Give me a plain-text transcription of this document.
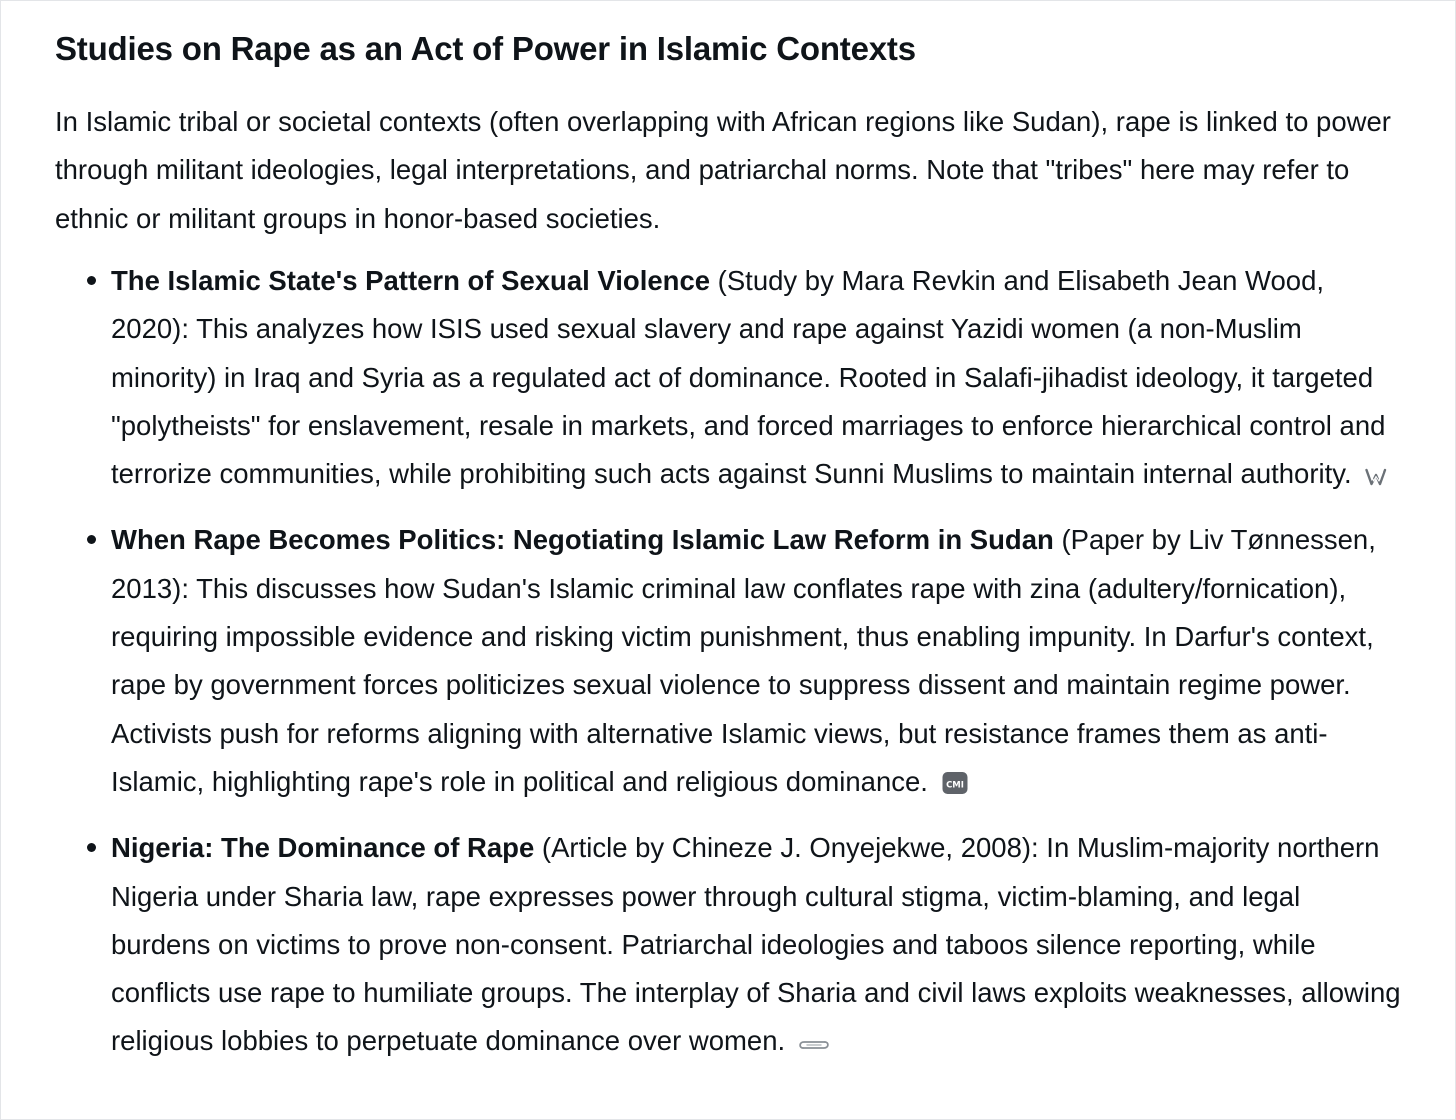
Studies on Rape as an Act of Power in Islamic Contexts

In Islamic tribal or societal contexts (often overlapping with African regions like Sudan), rape is linked to power through militant ideologies, legal interpretations, and patriarchal norms. Note that "tribes" here may refer to ethnic or militant groups in honor-based societies.

The Islamic State's Pattern of Sexual Violence (Study by Mara Revkin and Elisabeth Jean Wood, 2020): This analyzes how ISIS used sexual slavery and rape against Yazidi women (a non-Muslim minority) in Iraq and Syria as a regulated act of dominance. Rooted in Salafi-jihadist ideology, it targeted "polytheists" for enslavement, resale in markets, and forced marriages to enforce hierarchical control and terrorize communities, while prohibiting such acts against Sunni Muslims to maintain internal authority.
When Rape Becomes Politics: Negotiating Islamic Law Reform in Sudan (Paper by Liv Tønnessen, 2013): This discusses how Sudan's Islamic criminal law conflates rape with zina (adultery/fornication), requiring impossible evidence and risking victim punishment, thus enabling impunity. In Darfur's context, rape by government forces politicizes sexual violence to suppress dissent and maintain regime power. Activists push for reforms aligning with alternative Islamic views, but resistance frames them as anti-Islamic, highlighting rape's role in political and religious dominance. CMI
Nigeria: The Dominance of Rape (Article by Chineze J. Onyejekwe, 2008): In Muslim-majority northern Nigeria under Sharia law, rape expresses power through cultural stigma, victim-blaming, and legal burdens on victims to prove non-consent. Patriarchal ideologies and taboos silence reporting, while conflicts use rape to humiliate groups. The interplay of Sharia and civil laws exploits weaknesses, allowing religious lobbies to perpetuate dominance over women.
